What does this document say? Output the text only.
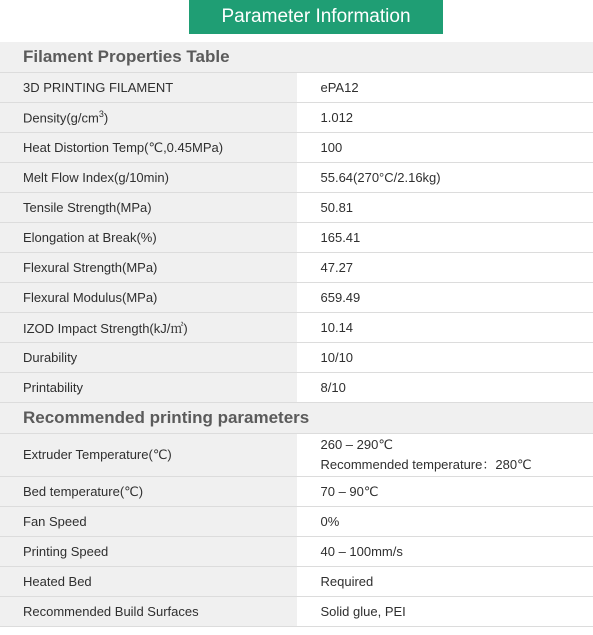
Parameter Information
Filament Properties Table	
3D PRINTING FILAMENT	ePA12
$Density(g/cm^3)$	1.012
Heat Distortion Temp(℃,0.45MPa)	100
Melt Flow Index(g/10min)	55.64(270°C/2.16kg)
Tensile Strength(MPa)	50.81
Elongation at Break(%)	165.41
Flexural Strength(MPa)	47.27
Flexural Modulus(MPa)	659.49
IZOD Impact Strength(kJ/㎡)	10.14
Durability	10/10
Printability	8/10
Recommended printing parameters	
Extruder Temperature(℃)	260 – 290℃
Recommended temperature：280℃

Bed temperature(℃)	70 – 90℃
Fan Speed	0%
Printing Speed	40 – 100mm/s
Heated Bed	Required
Recommended Build Surfaces	Solid glue, PEI
